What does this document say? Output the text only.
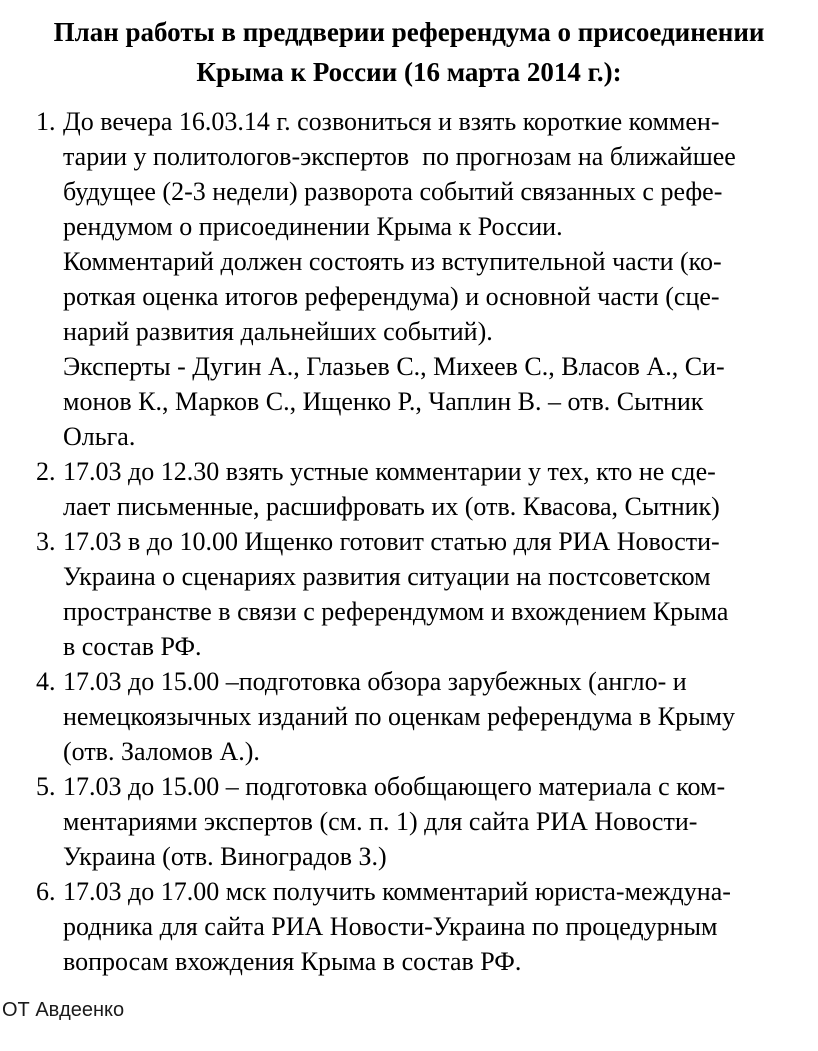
План работы в преддверии референдума о присоединении
Крыма к России (16 марта 2014 г.):
1. До вечера 16.03.14 г. созвониться и взять короткие коммен-
тарии у политологов-экспертов  по прогнозам на ближайшее
будущее (2-3 недели) разворота событий связанных с рефе-
рендумом о присоединении Крыма к России.
Комментарий должен состоять из вступительной части (ко-
роткая оценка итогов референдума) и основной части (сце-
нарий развития дальнейших событий).
Эксперты - Дугин А., Глазьев С., Михеев С., Власов А., Си-
монов К., Марков С., Ищенко Р., Чаплин В. – отв. Сытник
Ольга.
2. 17.03 до 12.30 взять устные комментарии у тех, кто не сде-
лает письменные, расшифровать их (отв. Квасова, Сытник)
3. 17.03 в до 10.00 Ищенко готовит статью для РИА Новости-
Украина о сценариях развития ситуации на постсоветском
пространстве в связи с референдумом и вхождением Крыма
в состав РФ.
4. 17.03 до 15.00 –подготовка обзора зарубежных (англо- и
немецкоязычных изданий по оценкам референдума в Крыму
(отв. Заломов А.).
5. 17.03 до 15.00 – подготовка обобщающего материала с ком-
ментариями экспертов (см. п. 1) для сайта РИА Новости-
Украина (отв. Виноградов З.)
6. 17.03 до 17.00 мск получить комментарий юриста-междуна-
родника для сайта РИА Новости-Украина по процедурным
вопросам вхождения Крыма в состав РФ.
ОТ Авдеенко
